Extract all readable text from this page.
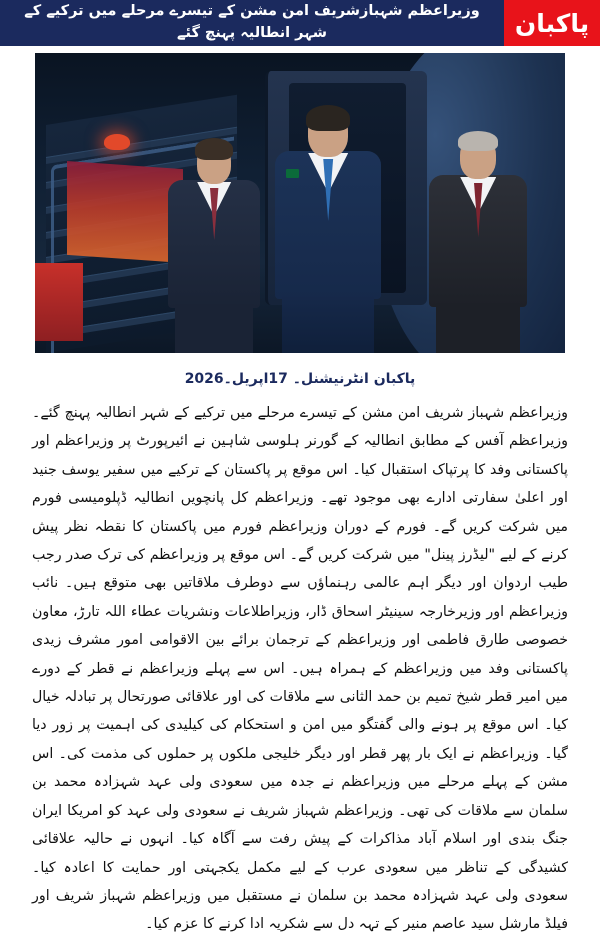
پاکبان
وزیراعظم شہبازشریف امن مشن کے تیسرے مرحلے میں ترکیے کے شہر انطالیہ پہنچ گئے
پاکبان انٹرنیشنل۔ 17اپریل۔2026

وزیراعظم شہباز شریف امن مشن کے تیسرے مرحلے میں ترکیے کے شہر انطالیہ پہنچ گئے۔ وزیراعظم آفس کے مطابق انطالیہ کے گورنر ہلوسی شاہین نے ائیرپورٹ پر وزیراعظم اور پاکستانی وفد کا پرتپاک استقبال کیا۔ اس موقع پر پاکستان کے ترکیے میں سفیر یوسف جنید اور اعلیٰ سفارتی ادارے بھی موجود تھے۔ وزیراعظم کل پانچویں انطالیہ ڈپلومیسی فورم میں شرکت کریں گے۔ فورم کے دوران وزیراعظم فورم میں پاکستان کا نقطہ نظر پیش کرنے کے لیے "لیڈرز پینل" میں شرکت کریں گے۔ اس موقع پر وزیراعظم کی ترک صدر رجب طیب اردوان اور دیگر اہم عالمی رہنماؤں سے دوطرف ملاقاتیں بھی متوقع ہیں۔ نائب وزیراعظم اور وزیرخارجہ سینیٹر اسحاق ڈار، وزیراطلاعات ونشریات عطاء اللہ تارڑ، معاون خصوصی طارق فاطمی اور وزیراعظم کے ترجمان برائے بین الاقوامی امور مشرف زیدی پاکستانی وفد میں وزیراعظم کے ہمراہ ہیں۔ اس سے پہلے وزیراعظم نے قطر کے دورے میں امیر قطر شیخ تمیم بن حمد الثانی سے ملاقات کی اور علاقائی صورتحال پر تبادلہ خیال کیا۔ اس موقع پر ہونے والی گفتگو میں امن و استحکام کی کیلیدی کی اہمیت پر زور دیا گیا۔ وزیراعظم نے ایک بار پھر قطر اور دیگر خلیجی ملکوں پر حملوں کی مذمت کی۔ اس مشن کے پہلے مرحلے میں وزیراعظم نے جدہ میں سعودی ولی عہد شہزادہ محمد بن سلمان سے ملاقات کی تھی۔ وزیراعظم شہباز شریف نے سعودی ولی عہد کو امریکا ایران جنگ بندی اور اسلام آباد مذاکرات کے پیش رفت سے آگاہ کیا۔ انہوں نے حالیہ علاقائی کشیدگی کے تناظر میں سعودی عرب کے لیے مکمل یکجہتی اور حمایت کا اعادہ کیا۔ سعودی ولی عہد شہزادہ محمد بن سلمان نے مستقبل میں وزیراعظم شہباز شریف اور فیلڈ مارشل سید عاصم منیر کے تہہ دل سے شکریہ ادا کرنے کا عزم کیا۔
